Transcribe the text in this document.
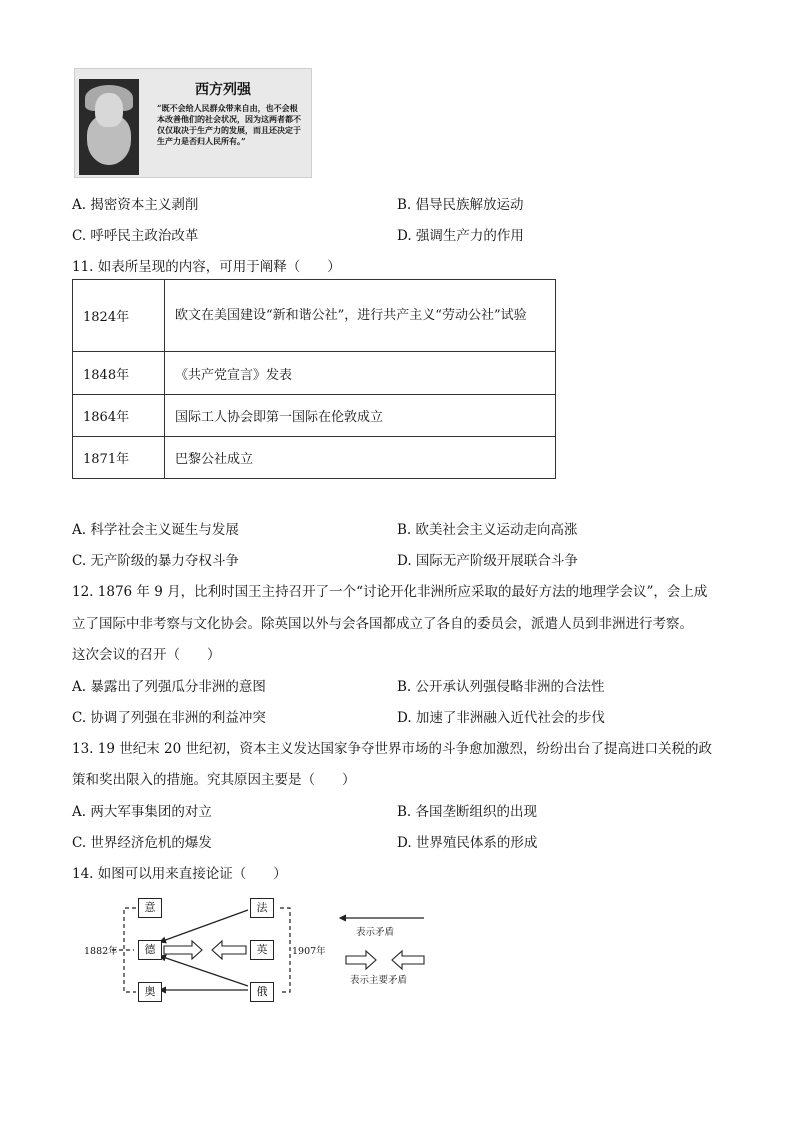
西方列强
“既不会给人民群众带来自由，也不会根本改善他们的社会状况，因为这两者都不仅仅取决于生产力的发展，而且还决定于生产力是否归人民所有。”
A. 揭密资本主义剥削	B. 倡导民族解放运动
C. 呼呼民主政治改革	D. 强调生产力的作用
11. 如表所呈现的内容，可用于阐释（　　）
1824年	欧文在美国建设“新和谐公社”，进行共产主义“劳动公社”试验
1848年	《共产党宣言》发表
1864年	国际工人协会即第一国际在伦敦成立
1871年	巴黎公社成立
A. 科学社会主义诞生与发展	B. 欧美社会主义运动走向高涨
C. 无产阶级的暴力夺权斗争	D. 国际无产阶级开展联合斗争
12. 1876 年 9 月，比利时国王主持召开了一个“讨论开化非洲所应采取的最好方法的地理学会议”，会上成
立了国际中非考察与文化协会。除英国以外与会各国都成立了各自的委员会，派遣人员到非洲进行考察。
这次会议的召开（　　）
A. 暴露出了列强瓜分非洲的意图	B. 公开承认列强侵略非洲的合法性
C. 协调了列强在非洲的利益冲突	D. 加速了非洲融入近代社会的步伐
13. 19 世纪末 20 世纪初，资本主义发达国家争夺世界市场的斗争愈加激烈，纷纷出台了提高进口关税的政
策和奖出限入的措施。究其原因主要是（　　）
A. 两大军事集团的对立	B. 各国垄断组织的出现
C. 世界经济危机的爆发	D. 世界殖民体系的形成
14. 如图可以用来直接论证（　　）
意	法
德	英
奥	俄
1882年	1907年
表示矛盾
表示主要矛盾
